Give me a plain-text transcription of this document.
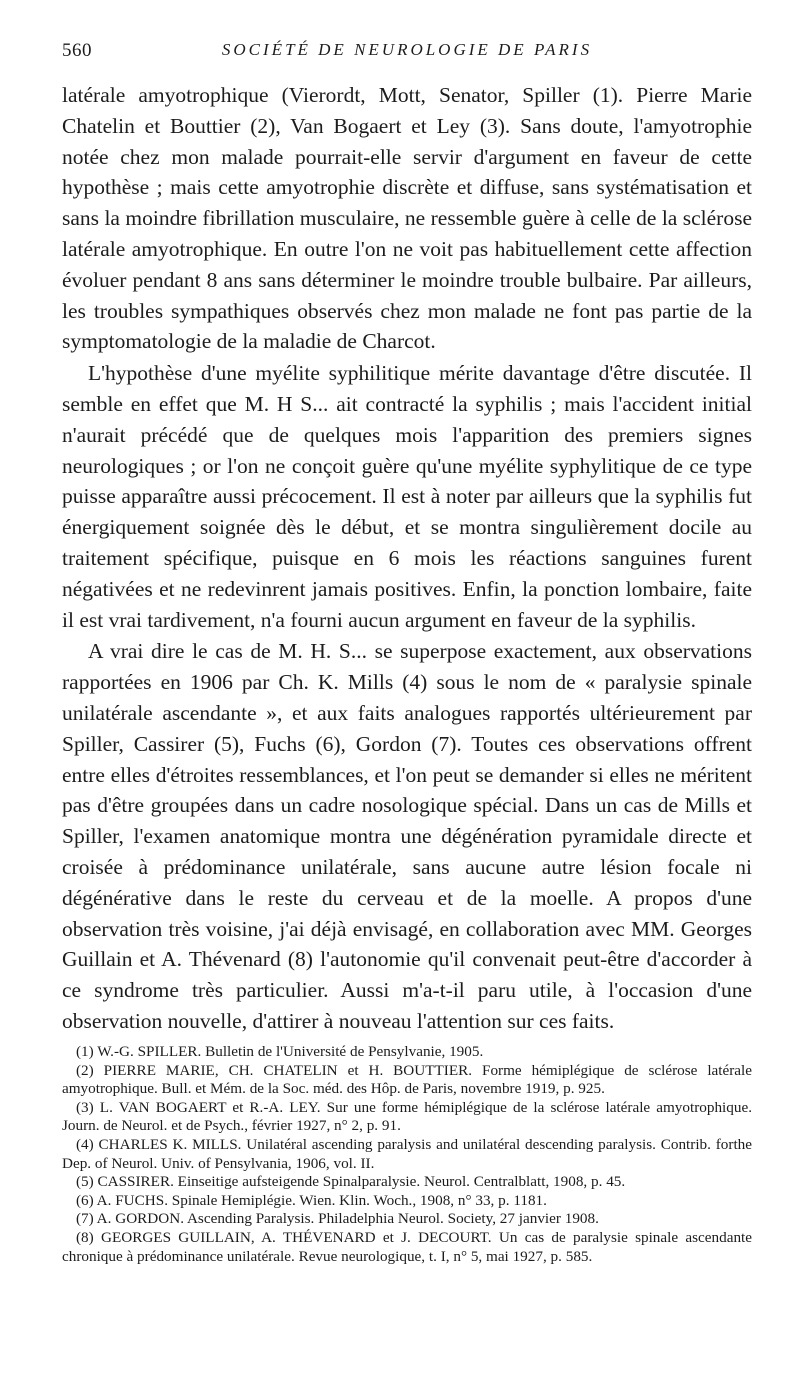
560	SOCIÉTÉ DE NEUROLOGIE DE PARIS

latérale amyotrophique (Vierordt, Mott, Senator, Spiller (1). Pierre Marie Chatelin et Bouttier (2), Van Bogaert et Ley (3). Sans doute, l'amyotrophie notée chez mon malade pourrait-elle servir d'argument en faveur de cette hypothèse ; mais cette amyotrophie discrète et diffuse, sans systématisation et sans la moindre fibrillation musculaire, ne ressemble guère à celle de la sclérose latérale amyotrophique. En outre l'on ne voit pas habituellement cette affection évoluer pendant 8 ans sans déterminer le moindre trouble bulbaire. Par ailleurs, les troubles sympathiques observés chez mon malade ne font pas partie de la symptomatologie de la maladie de Charcot.

L'hypothèse d'une myélite syphilitique mérite davantage d'être discutée. Il semble en effet que M. H S... ait contracté la syphilis ; mais l'accident initial n'aurait précédé que de quelques mois l'apparition des premiers signes neurologiques ; or l'on ne conçoit guère qu'une myélite syphylitique de ce type puisse apparaître aussi précocement. Il est à noter par ailleurs que la syphilis fut énergiquement soignée dès le début, et se montra singulièrement docile au traitement spécifique, puisque en 6 mois les réactions sanguines furent négativées et ne redevinrent jamais positives. Enfin, la ponction lombaire, faite il est vrai tardivement, n'a fourni aucun argument en faveur de la syphilis.

A vrai dire le cas de M. H. S... se superpose exactement, aux observations rapportées en 1906 par Ch. K. Mills (4) sous le nom de « paralysie spinale unilatérale ascendante », et aux faits analogues rapportés ultérieurement par Spiller, Cassirer (5), Fuchs (6), Gordon (7). Toutes ces observations offrent entre elles d'étroites ressemblances, et l'on peut se demander si elles ne méritent pas d'être groupées dans un cadre nosologique spécial. Dans un cas de Mills et Spiller, l'examen anatomique montra une dégénération pyramidale directe et croisée à prédominance unilatérale, sans aucune autre lésion focale ni dégénérative dans le reste du cerveau et de la moelle. A propos d'une observation très voisine, j'ai déjà envisagé, en collaboration avec MM. Georges Guillain et A. Thévenard (8) l'autonomie qu'il convenait peut-être d'accorder à ce syndrome très particulier. Aussi m'a-t-il paru utile, à l'occasion d'une observation nouvelle, d'attirer à nouveau l'attention sur ces faits.

(1) W.-G. SPILLER. Bulletin de l'Université de Pensylvanie, 1905.

(2) PIERRE MARIE, CH. CHATELIN et H. BOUTTIER. Forme hémiplégique de sclérose latérale amyotrophique. Bull. et Mém. de la Soc. méd. des Hôp. de Paris, novembre 1919, p. 925.

(3) L. VAN BOGAERT et R.-A. LEY. Sur une forme hémiplégique de la sclérose latérale amyotrophique. Journ. de Neurol. et de Psych., février 1927, n° 2, p. 91.

(4) CHARLES K. MILLS. Unilatéral ascending paralysis and unilatéral descending paralysis. Contrib. forthe Dep. of Neurol. Univ. of Pensylvania, 1906, vol. II.

(5) CASSIRER. Einseitige aufsteigende Spinalparalysie. Neurol. Centralblatt, 1908, p. 45.

(6) A. FUCHS. Spinale Hemiplégie. Wien. Klin. Woch., 1908, n° 33, p. 1181.

(7) A. GORDON. Ascending Paralysis. Philadelphia Neurol. Society, 27 janvier 1908.

(8) GEORGES GUILLAIN, A. THÉVENARD et J. DECOURT. Un cas de paralysie spinale ascendante chronique à prédominance unilatérale. Revue neurologique, t. I, n° 5, mai 1927, p. 585.
